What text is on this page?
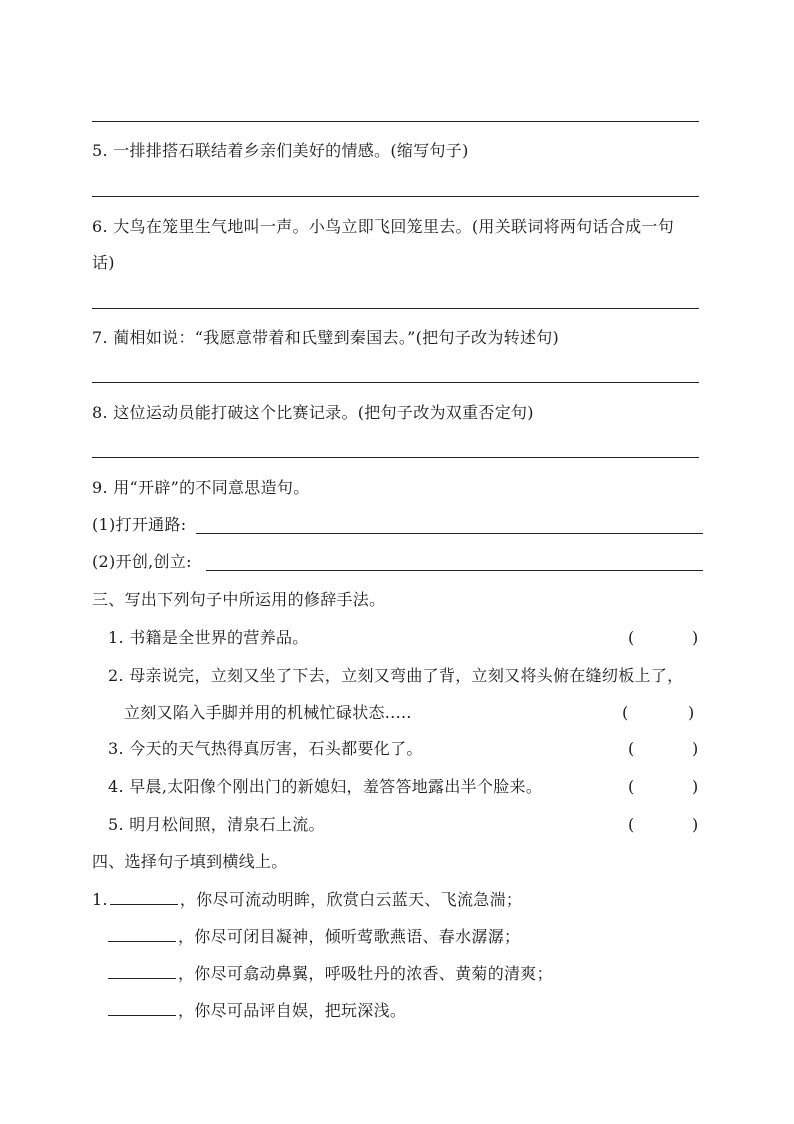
5. 一排排搭石联结着乡亲们美好的情感。(缩写句子)
6. 大鸟在笼里生气地叫一声。小鸟立即飞回笼里去。(用关联词将两句话合成一句
话)
7. 蔺相如说：“我愿意带着和氏璧到秦国去。”(把句子改为转述句)
8. 这位运动员能打破这个比赛记录。(把句子改为双重否定句)
9. 用“开辟”的不同意思造句。
(1)打开通路:
(2)开创,创立:
三、写出下列句子中所运用的修辞手法。
1. 书籍是全世界的营养品。	(	)
2. 母亲说完，立刻又坐了下去，立刻又弯曲了背，立刻又将头俯在缝纫板上了，
立刻又陷入手脚并用的机械忙碌状态.....	(	)
3. 今天的天气热得真厉害，石头都要化了。	(	)
4. 早晨,太阳像个刚出门的新媳妇，羞答答地露出半个脸来。	(	)
5. 明月松间照，清泉石上流。	(	)
四、选择句子填到横线上。
1.	，你尽可流动明眸，欣赏白云蓝天、飞流急湍；
，你尽可闭目凝神，倾听莺歌燕语、春水潺潺；
，你尽可翕动鼻翼，呼吸牡丹的浓香、黄菊的清爽；
，你尽可品评自娱，把玩深浅。
